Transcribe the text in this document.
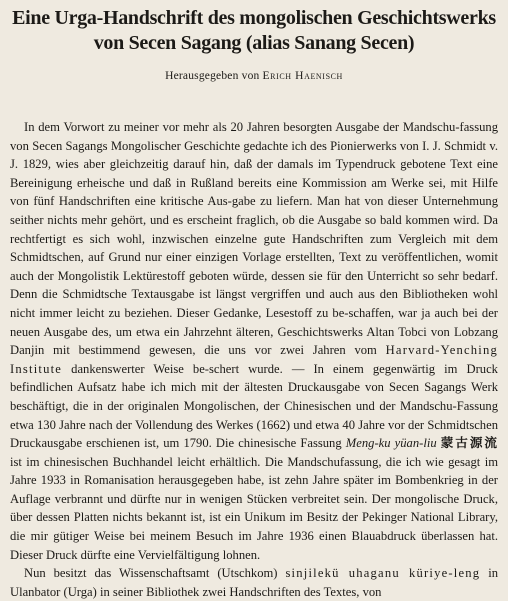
Eine Urga-Handschrift des mongolischen Geschichtswerks
von Secen Sagang (alias Sanang Secen)
Herausgegeben von Erich Haenisch

In dem Vorwort zu meiner vor mehr als 20 Jahren besorgten Ausgabe der Mandschu-fassung von Secen Sagangs Mongolischer Geschichte gedachte ich des Pionierwerks von I. J. Schmidt v. J. 1829, wies aber gleichzeitig darauf hin, daß der damals im Typendruck gebotene Text eine Bereinigung erheische und daß in Rußland bereits eine Kommission am Werke sei, mit Hilfe von fünf Handschriften eine kritische Aus-gabe zu liefern. Man hat von dieser Unternehmung seither nichts mehr gehört, und es erscheint fraglich, ob die Ausgabe so bald kommen wird. Da rechtfertigt es sich wohl, inzwischen einzelne gute Handschriften zum Vergleich mit dem Schmidtschen, auf Grund nur einer einzigen Vorlage erstellten, Text zu veröffentlichen, womit auch der Mongolistik Lektürestoff geboten würde, dessen sie für den Unterricht so sehr bedarf. Denn die Schmidtsche Textausgabe ist längst vergriffen und auch aus den Bibliotheken wohl nicht immer leicht zu beziehen. Dieser Gedanke, Lesestoff zu be-schaffen, war ja auch bei der neuen Ausgabe des, um etwa ein Jahrzehnt älteren, Geschichtswerks Altan Tobci von Lobzang Danjin mit bestimmend gewesen, die uns vor zwei Jahren vom Harvard-Yenching Institute dankenswerter Weise be-schert wurde. — In einem gegenwärtig im Druck befindlichen Aufsatz habe ich mich mit der ältesten Druckausgabe von Secen Sagangs Werk beschäftigt, die in der originalen Mongolischen, der Chinesischen und der Mandschu-Fassung etwa 130 Jahre nach der Vollendung des Werkes (1662) und etwa 40 Jahre vor der Schmidtschen Druckausgabe erschienen ist, um 1790. Die chinesische Fassung Meng-ku yüan-liu 蒙古源流 ist im chinesischen Buchhandel leicht erhältlich. Die Mandschufassung, die ich wie gesagt im Jahre 1933 in Romanisation herausgegeben habe, ist zehn Jahre später im Bombenkrieg in der Auflage verbrannt und dürfte nur in wenigen Stücken verbreitet sein. Der mongolische Druck, über dessen Platten nichts bekannt ist, ist ein Unikum im Besitz der Pekinger National Library, die mir gütiger Weise bei meinem Besuch im Jahre 1936 einen Blauabdruck überlassen hat. Dieser Druck dürfte eine Vervielfältigung lohnen.

Nun besitzt das Wissenschaftsamt (Utschkom) sinjilekü uhaganu küriye-leng in Ulanbator (Urga) in seiner Bibliothek zwei Handschriften des Textes, von
